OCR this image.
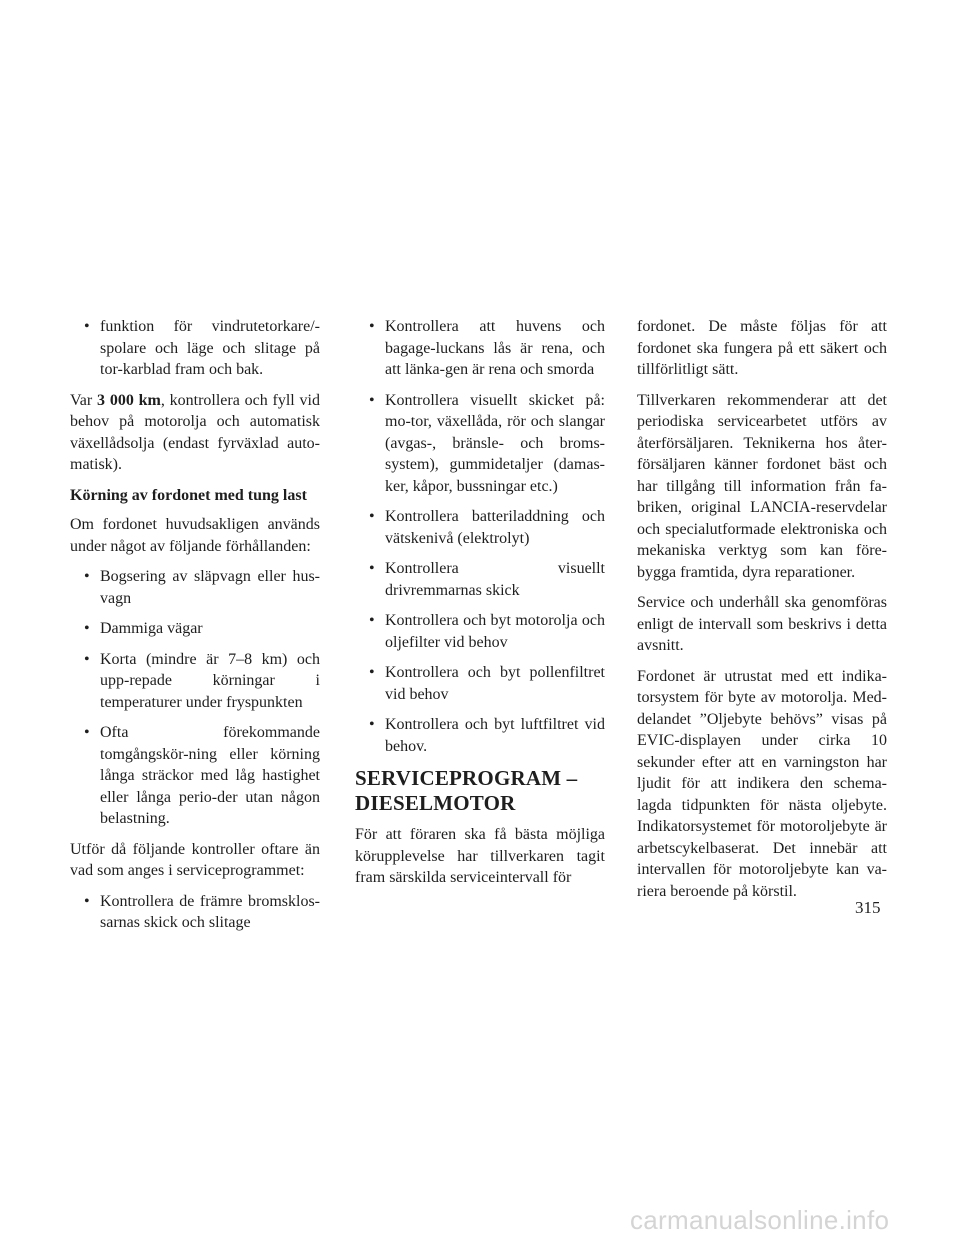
• funktion för vindrutetorkare/-spolare och läge och slitage på tor-karblad fram och bak.

Var 3 000 km, kontrollera och fyll vid behov på motorolja och automatisk växellådsolja (endast fyrväxlad auto-matisk).

Körning av fordonet med tung last

Om fordonet huvudsakligen används under något av följande förhållanden:

• Bogsering av släpvagn eller hus-vagn
• Dammiga vägar
• Korta (mindre är 7–8 km) och upp-repade körningar i temperaturer under fryspunkten
• Ofta förekommande tomgångskör-ning eller körning långa sträckor med låg hastighet eller långa perio-der utan någon belastning.

Utför då följande kontroller oftare än vad som anges i serviceprogrammet:

• Kontrollera de främre bromsklos-sarnas skick och slitage
• Kontrollera att huvens och bagage-luckans lås är rena, och att länka-gen är rena och smorda
• Kontrollera visuellt skicket på: mo-tor, växellåda, rör och slangar (avgas-, bränsle- och broms-system), gummidetaljer (damas-ker, kåpor, bussningar etc.)
• Kontrollera batteriladdning och vätskenivå (elektrolyt)
• Kontrollera visuellt drivremmarnas skick
• Kontrollera och byt motorolja och oljefilter vid behov
• Kontrollera och byt pollenfiltret vid behov
• Kontrollera och byt luftfiltret vid behov.
SERVICEPROGRAM –
DIESELMOTOR

För att föraren ska få bästa möjliga körupplevelse har tillverkaren tagit fram särskilda serviceintervall för

fordonet. De måste följas för att fordonet ska fungera på ett säkert och tillförlitligt sätt.

Tillverkaren rekommenderar att det periodiska servicearbetet utförs av återförsäljaren. Teknikerna hos åter-försäljaren känner fordonet bäst och har tillgång till information från fa-briken, original LANCIA-reservdelar och specialutformade elektroniska och mekaniska verktyg som kan före-bygga framtida, dyra reparationer.

Service och underhåll ska genomföras enligt de intervall som beskrivs i detta avsnitt.

Fordonet är utrustat med ett indika-torsystem för byte av motorolja. Med-delandet ”Oljebyte behövs” visas på EVIC-displayen under cirka 10 sekunder efter att en varningston har ljudit för att indikera den schema-lagda tidpunkten för nästa oljebyte. Indikatorsystemet för motoroljebyte är arbetscykelbaserat. Det innebär att intervallen för motoroljebyte kan va-riera beroende på körstil.

315
carmanualsonline.info
